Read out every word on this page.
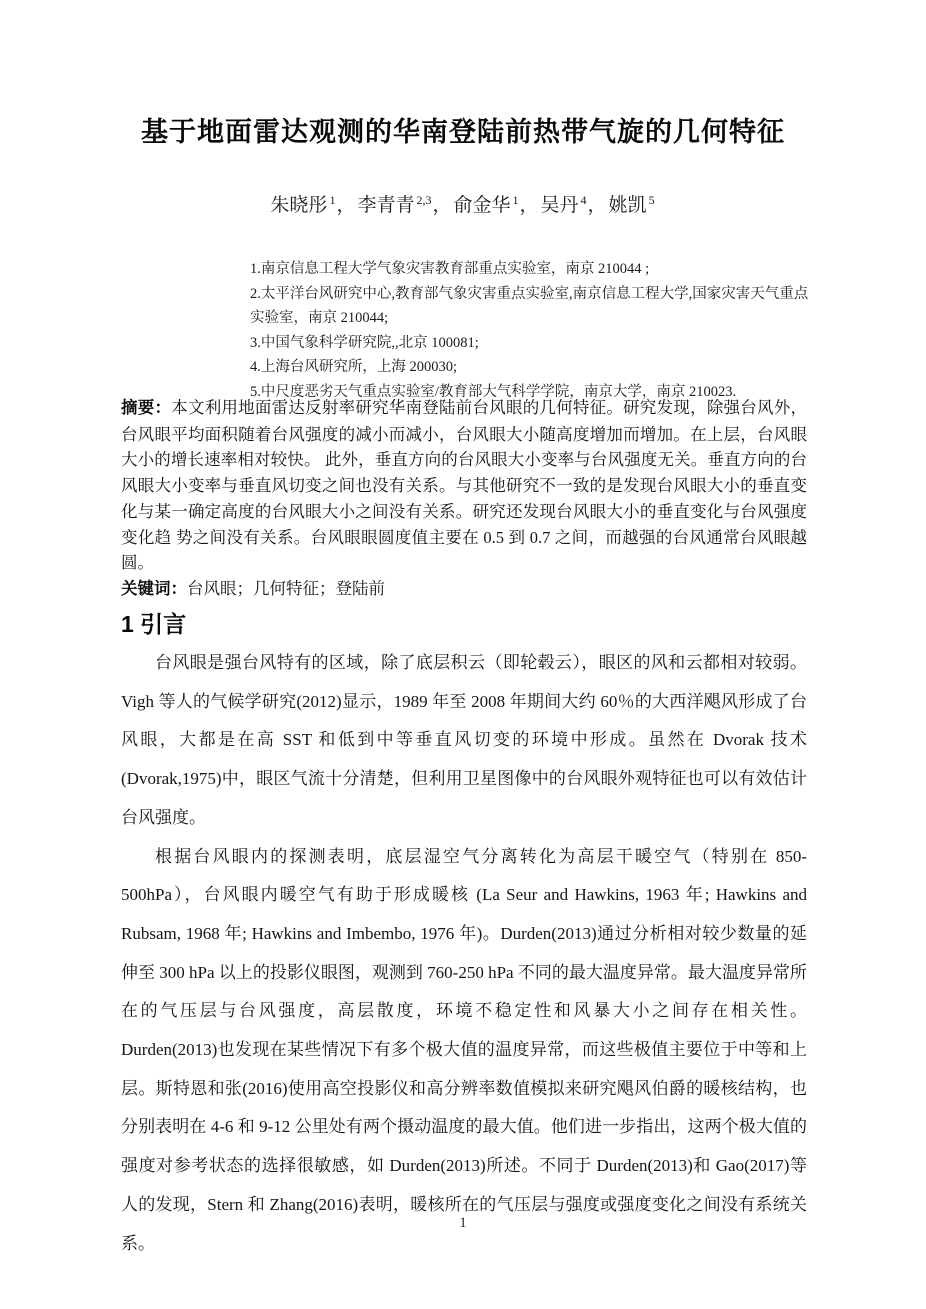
基于地面雷达观测的华南登陆前热带气旋的几何特征
朱晓彤 $^1$， 李青青 $^{2,3}$， 俞金华 $^1$， 吴丹 $^4$， 姚凯 $^5$
1.南京信息工程大学气象灾害教育部重点实验室，南京 210044 ;
2.太平洋台风研究中心,教育部气象灾害重点实验室,南京信息工程大学,国家灾害天气重点实验室，南京 210044;
3.中国气象科学研究院,,北京 100081;
4.上海台风研究所，上海 200030;
5.中尺度恶劣天气重点实验室/教育部大气科学学院，南京大学，南京 210023.
摘要：本文利用地面雷达反射率研究华南登陆前台风眼的几何特征。研究发现，除强台风外，台风眼平均面积随着台风强度的减小而减小，台风眼大小随高度增加而增加。在上层，台风眼大小的增长速率相对较快。 此外，垂直方向的台风眼大小变率与台风强度无关。垂直方向的台风眼大小变率与垂直风切变之间也没有关系。与其他研究不一致的是发现台风眼大小的垂直变化与某一确定高度的台风眼大小之间没有关系。研究还发现台风眼大小的垂直变化与台风强度变化趋 势之间没有关系。台风眼眼圆度值主要在 0.5 到 0.7 之间，而越强的台风通常台风眼越圆。
关键词：台风眼；几何特征；登陆前
1 引言

台风眼是强台风特有的区域，除了底层积云（即轮毂云），眼区的风和云都相对较弱。Vigh 等人的气候学研究(2012)显示，1989 年至 2008 年期间大约 60％的大西洋飓风形成了台风眼，大都是在高 SST 和低到中等垂直风切变的环境中形成。虽然在 Dvorak 技术(Dvorak,1975)中，眼区气流十分清楚，但利用卫星图像中的台风眼外观特征也可以有效估计台风强度。

根据台风眼内的探测表明，底层湿空气分离转化为高层干暖空气（特别在 850-500hPa），台风眼内暖空气有助于形成暖核 (La Seur and Hawkins, 1963 年; Hawkins and Rubsam, 1968 年; Hawkins and Imbembo, 1976 年)。Durden(2013)通过分析相对较少数量的延伸至 300 hPa 以上的投影仪眼图，观测到 760-250 hPa 不同的最大温度异常。最大温度异常所在的气压层与台风强度，高层散度，环境不稳定性和风暴大小之间存在相关性。Durden(2013)也发现在某些情况下有多个极大值的温度异常，而这些极值主要位于中等和上层。斯特恩和张(2016)使用高空投影仪和高分辨率数值模拟来研究飓风伯爵的暖核结构，也分别表明在 4-6 和 9-12 公里处有两个摄动温度的最大值。他们进一步指出，这两个极大值的强度对参考状态的选择很敏感，如 Durden(2013)所述。不同于 Durden(2013)和 Gao(2017)等人的发现，Stern 和 Zhang(2016)表明，暖核所在的气压层与强度或强度变化之间没有系统关系。

1
